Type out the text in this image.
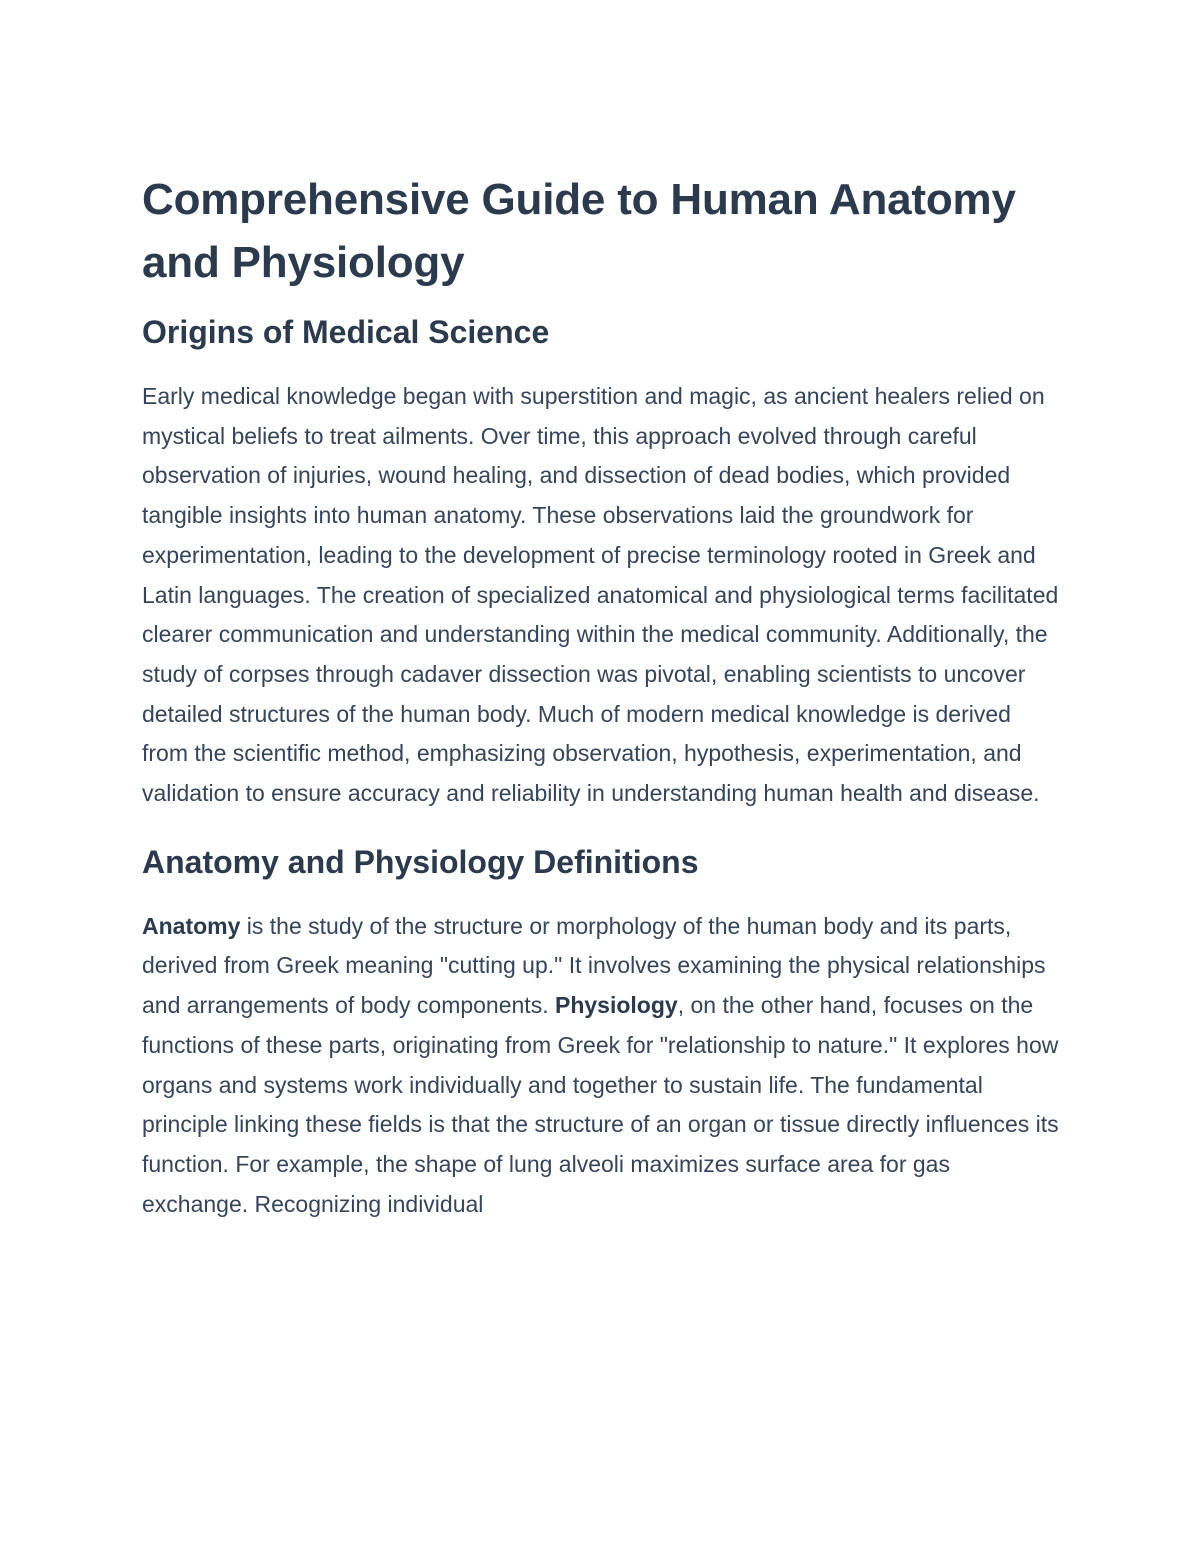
Comprehensive Guide to Human Anatomy and Physiology
Origins of Medical Science

Early medical knowledge began with superstition and magic, as ancient healers relied on mystical beliefs to treat ailments. Over time, this approach evolved through careful observation of injuries, wound healing, and dissection of dead bodies, which provided tangible insights into human anatomy. These observations laid the groundwork for experimentation, leading to the development of precise terminology rooted in Greek and Latin languages. The creation of specialized anatomical and physiological terms facilitated clearer communication and understanding within the medical community. Additionally, the study of corpses through cadaver dissection was pivotal, enabling scientists to uncover detailed structures of the human body. Much of modern medical knowledge is derived from the scientific method, emphasizing observation, hypothesis, experimentation, and validation to ensure accuracy and reliability in understanding human health and disease.

Anatomy and Physiology Definitions

Anatomy is the study of the structure or morphology of the human body and its parts, derived from Greek meaning "cutting up." It involves examining the physical relationships and arrangements of body components. Physiology, on the other hand, focuses on the functions of these parts, originating from Greek for "relationship to nature." It explores how organs and systems work individually and together to sustain life. The fundamental principle linking these fields is that the structure of an organ or tissue directly influences its function. For example, the shape of lung alveoli maximizes surface area for gas exchange. Recognizing individual
